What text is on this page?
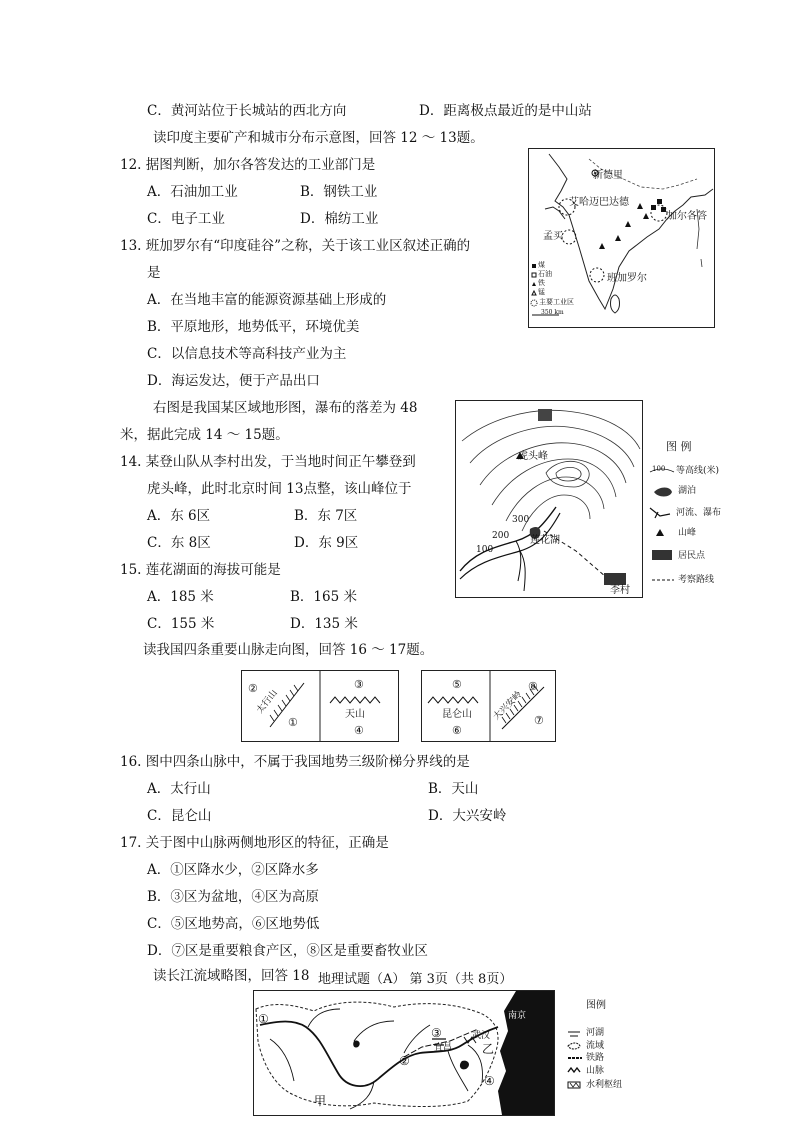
C．黄河站位于长城站的西北方向	D．距离极点最近的是中山站
读印度主要矿产和城市分布示意图，回答 12 ～ 13题。
12. 据图判断，加尔各答发达的工业部门是
A．石油加工业	B．钢铁工业
C．电子工业	D．棉纺工业
13. 班加罗尔有“印度硅谷”之称，关于该工业区叙述正确的
是
A．在当地丰富的能源资源基础上形成的
B．平原地形，地势低平，环境优美
C．以信息技术等高科技产业为主
D．海运发达，便于产品出口
右图是我国某区域地形图，瀑布的落差为 48
米，据此完成 14 ～ 15题。
14. 某登山队从李村出发，于当地时间正午攀登到
虎头峰，此时北京时间 13点整，该山峰位于
A．东 6区	B．东 7区
C．东 8区	D．东 9区
15. 莲花湖面的海拔可能是
A．185 米	B．165 米
C．155 米	D．135 米
读我国四条重要山脉走向图，回答 16 ～ 17题。
16. 图中四条山脉中，不属于我国地势三级阶梯分界线的是
A．太行山	B．天山
C．昆仑山	D．大兴安岭
17. 关于图中山脉两侧地形区的特征，正确是
A．①区降水少，②区降水多
B．③区为盆地，④区为高原
C．⑤区地势高，⑥区地势低
D．⑦区是重要粮食产区，⑧区是重要畜牧业区
读长江流域略图，回答 18 地理试题（A） 第 3页（共 8页）
新德里
艾哈迈巴达德
加尔各答
孟买
班加罗尔
煤
石油
铁
锰
主要工业区
350 km
虎头峰
莲花湖
李村
300
200
100
图 例
100 等高线(米)
湖泊
河流、瀑布
山峰
居民点
考察路线
②
太行山
①
③
天山
④
⑤
昆仑山
⑥
⑧
大兴安岭 ⑦
①
②
③
④
甲
乙
宜昌
武汉
南京
图例
河湖
流域
铁路
山脉
水利枢纽
